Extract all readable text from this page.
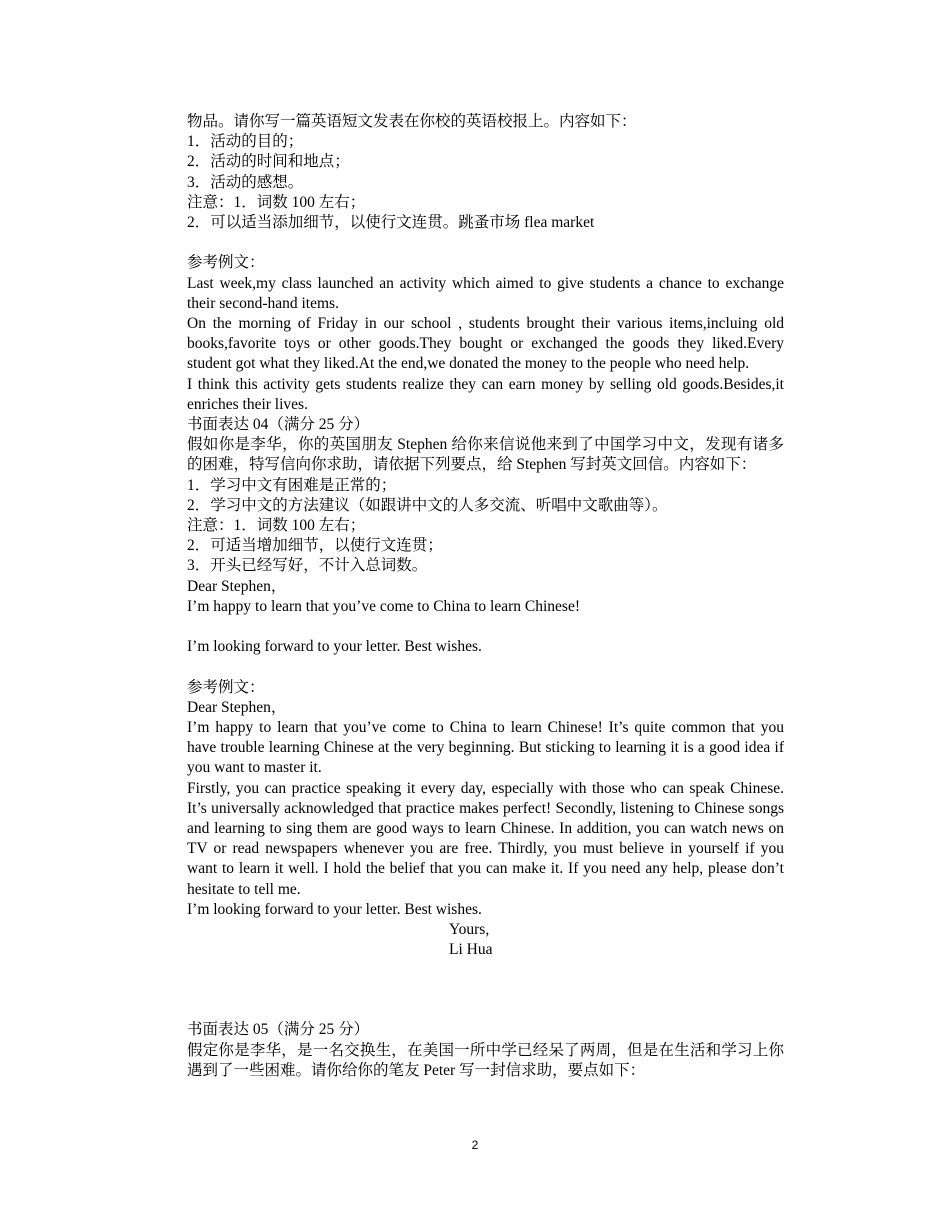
物品。请你写一篇英语短文发表在你校的英语校报上。内容如下：
1．活动的目的；
2．活动的时间和地点；
3．活动的感想。
注意：1．词数 100 左右；
2．可以适当添加细节，以使行文连贯。跳蚤市场 flea market
参考例文：
Last week,my class launched an activity which aimed to give students a chance to exchange their second-hand items.
On the morning of Friday in our school , students brought their various items,incluing old books,favorite toys or other goods.They bought or exchanged the goods they liked.Every student got what they liked.At the end,we donated the money to the people who need help.
I think this activity gets students realize they can earn money by selling old goods.Besides,it enriches their lives.
书面表达 04（满分 25 分）
假如你是李华，你的英国朋友 Stephen 给你来信说他来到了中国学习中文，发现有诸多的困难，特写信向你求助，请依据下列要点，给 Stephen 写封英文回信。内容如下：
1．学习中文有困难是正常的；
2．学习中文的方法建议（如跟讲中文的人多交流、听唱中文歌曲等）。
注意：1．词数 100 左右；
2．可适当增加细节，以使行文连贯；
3．开头已经写好，不计入总词数。
Dear Stephen，
I’m happy to learn that you’ve come to China to learn Chinese!
I’m looking forward to your letter. Best wishes.
参考例文：
Dear Stephen，
I’m happy to learn that you’ve come to China to learn Chinese! It’s quite common that you have trouble learning Chinese at the very beginning. But sticking to learning it is a good idea if you want to master it.
Firstly, you can practice speaking it every day, especially with those who can speak Chinese. It’s universally acknowledged that practice makes perfect! Secondly, listening to Chinese songs and learning to sing them are good ways to learn Chinese. In addition, you can watch news on TV or read newspapers whenever you are free. Thirdly, you must believe in yourself if you want to learn it well. I hold the belief that you can make it. If you need any help, please don’t hesitate to tell me.
I’m looking forward to your letter. Best wishes.
Yours,
Li Hua
书面表达 05（满分 25 分）
假定你是李华，是一名交换生，在美国一所中学已经呆了两周，但是在生活和学习上你遇到了一些困难。请你给你的笔友 Peter 写一封信求助，要点如下：
2
